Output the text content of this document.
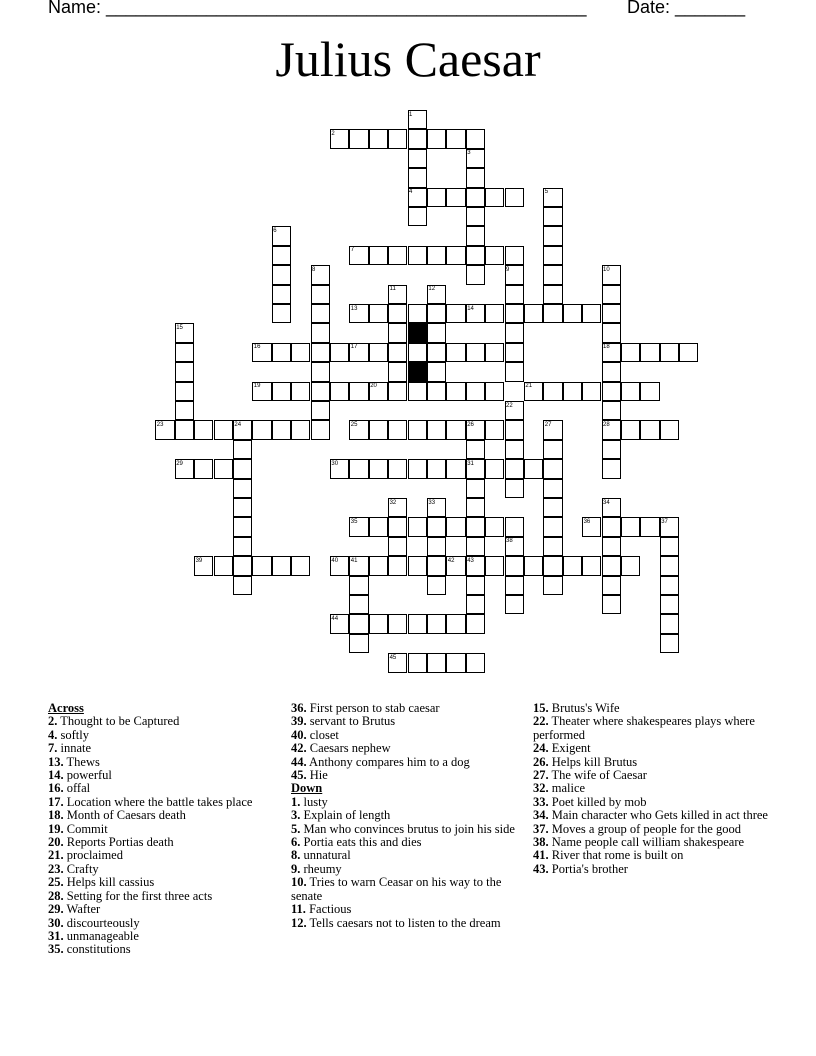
Name: ________________________________________________ Date: _______
Julius Caesar
1
2
3
4	5
6
7
8	9	10
11	12
13	14
15
16	17	18
19	20	21
22
23	24	25	26	27	28
29	30	31
32	33	34
35	36	37
38
39	40 41	42 43
44
45
Across
2. Thought to be Captured
4. softly
7. innate
13. Thews
14. powerful
16. offal
17. Location where the battle takes place
18. Month of Caesars death
19. Commit
20. Reports Portias death
21. proclaimed
23. Crafty
25. Helps kill cassius
28. Setting for the first three acts
29. Wafter
30. discourteously
31. unmanageable
35. constitutions
36. First person to stab caesar
39. servant to Brutus
40. closet
42. Caesars nephew
44. Anthony compares him to a dog
45. Hie
Down
1. lusty
3. Explain of length
5. Man who convinces brutus to join his side
6. Portia eats this and dies
8. unnatural
9. rheumy
10. Tries to warn Ceasar on his way to the senate
11. Factious
12. Tells caesars not to listen to the dream
15. Brutus's Wife
22. Theater where shakespeares plays where performed
24. Exigent
26. Helps kill Brutus
27. The wife of Caesar
32. malice
33. Poet killed by mob
34. Main character who Gets killed in act three
37. Moves a group of people for the good
38. Name people call william shakespeare
41. River that rome is built on
43. Portia's brother
